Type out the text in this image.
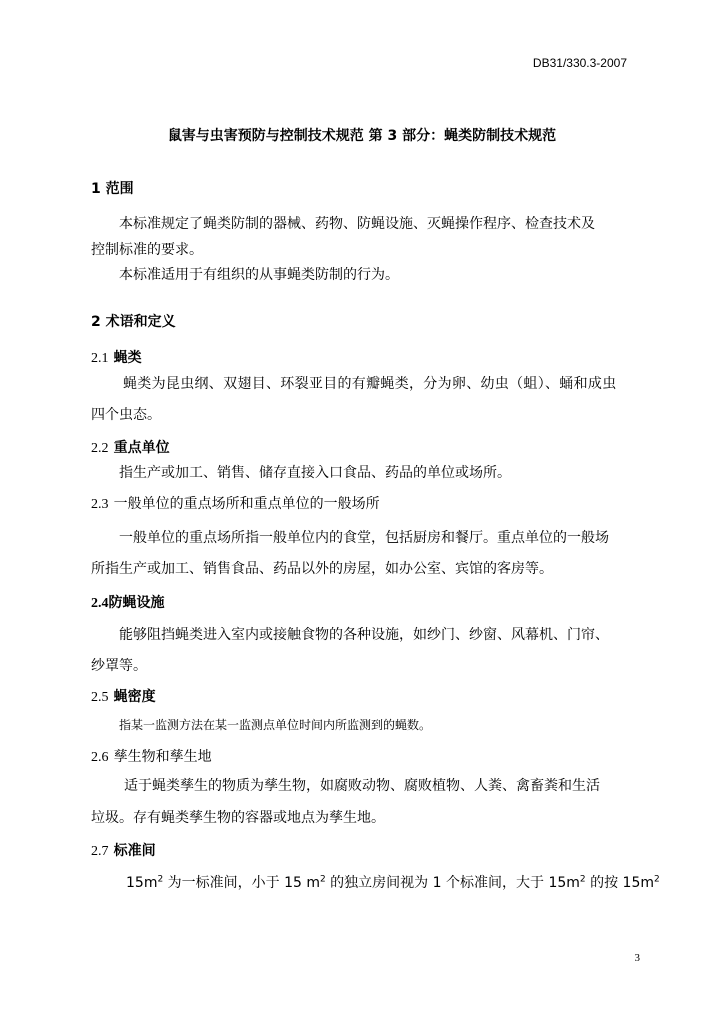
DB31/330.3-2007
鼠害与虫害预防与控制技术规范 第 3 部分：蝇类防制技术规范
1 范围
本标准规定了蝇类防制的器械、药物、防蝇设施、灭蝇操作程序、检查技术及
控制标准的要求。
本标准适用于有组织的从事蝇类防制的行为。
2 术语和定义
2.1 蝇类
蝇类为昆虫纲、双翅目、环裂亚目的有瓣蝇类，分为卵、幼虫（蛆）、蛹和成虫
四个虫态。
2.2 重点单位
指生产或加工、销售、储存直接入口食品、药品的单位或场所。
2.3 一般单位的重点场所和重点单位的一般场所
一般单位的重点场所指一般单位内的食堂，包括厨房和餐厅。重点单位的一般场
所指生产或加工、销售食品、药品以外的房屋，如办公室、宾馆的客房等。
2.4防蝇设施
能够阻挡蝇类进入室内或接触食物的各种设施，如纱门、纱窗、风幕机、门帘、
纱罩等。
2.5 蝇密度
指某一监测方法在某一监测点单位时间内所监测到的蝇数。
2.6 孳生物和孳生地
适于蝇类孳生的物质为孳生物，如腐败动物、腐败植物、人粪、禽畜粪和生活
垃圾。存有蝇类孳生物的容器或地点为孳生地。
2.7 标准间
$15m^2$ 为一标准间，小于 15 $m^2$ 的独立房间视为 1 个标准间，大于 $15m^2$ 的按 $15m^2$
3
